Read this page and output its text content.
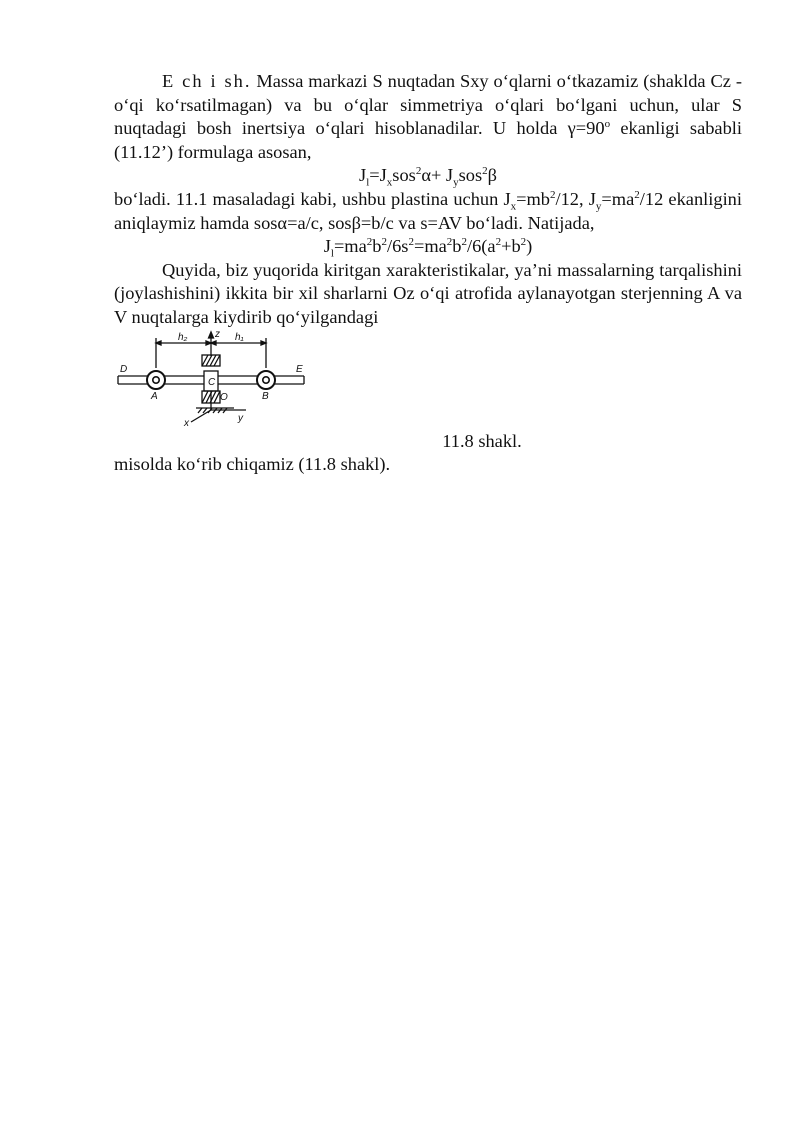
E ch i sh. Massa markazi S nuqtadan Sxy o‘qlarni o‘tkazamiz (shaklda Cz -o‘qi ko‘rsatilmagan) va bu o‘qlar simmetriya o‘qlari bo‘lgani uchun, ular S nuqtadagi bosh inertsiya o‘qlari hisoblanadilar. U holda $\gamma=90^o$ ekanligi sababli (11.12’) formulaga asosan,

$J_l=J_xsos^2\alpha+ J_ysos^2\beta$

bo‘ladi. 11.1 masaladagi kabi, ushbu plastina uchun $J_x=mb^2/12$, $J_y=ma^2/12$ ekanligini aniqlaymiz hamda sosα=a/c, sosβ=b/c va s=AV bo‘ladi. Natijada,

$J_l=ma^2b^2/6s^2=ma^2b^2/6(a^2+b^2)$

Quyida, biz yuqorida kiritgan xarakteristikalar, ya’ni massalarning tarqalishini (joylashishini) ikkita bir xil sharlarni Oz o‘qi atrofida aylanayotgan sterjenning A va V nuqtalarga kiydirib qo‘yilgandagi

h₂	h₁
z
D	E
A	B
C
O
x	y

11.8 shakl.

misolda ko‘rib chiqamiz (11.8 shakl).
